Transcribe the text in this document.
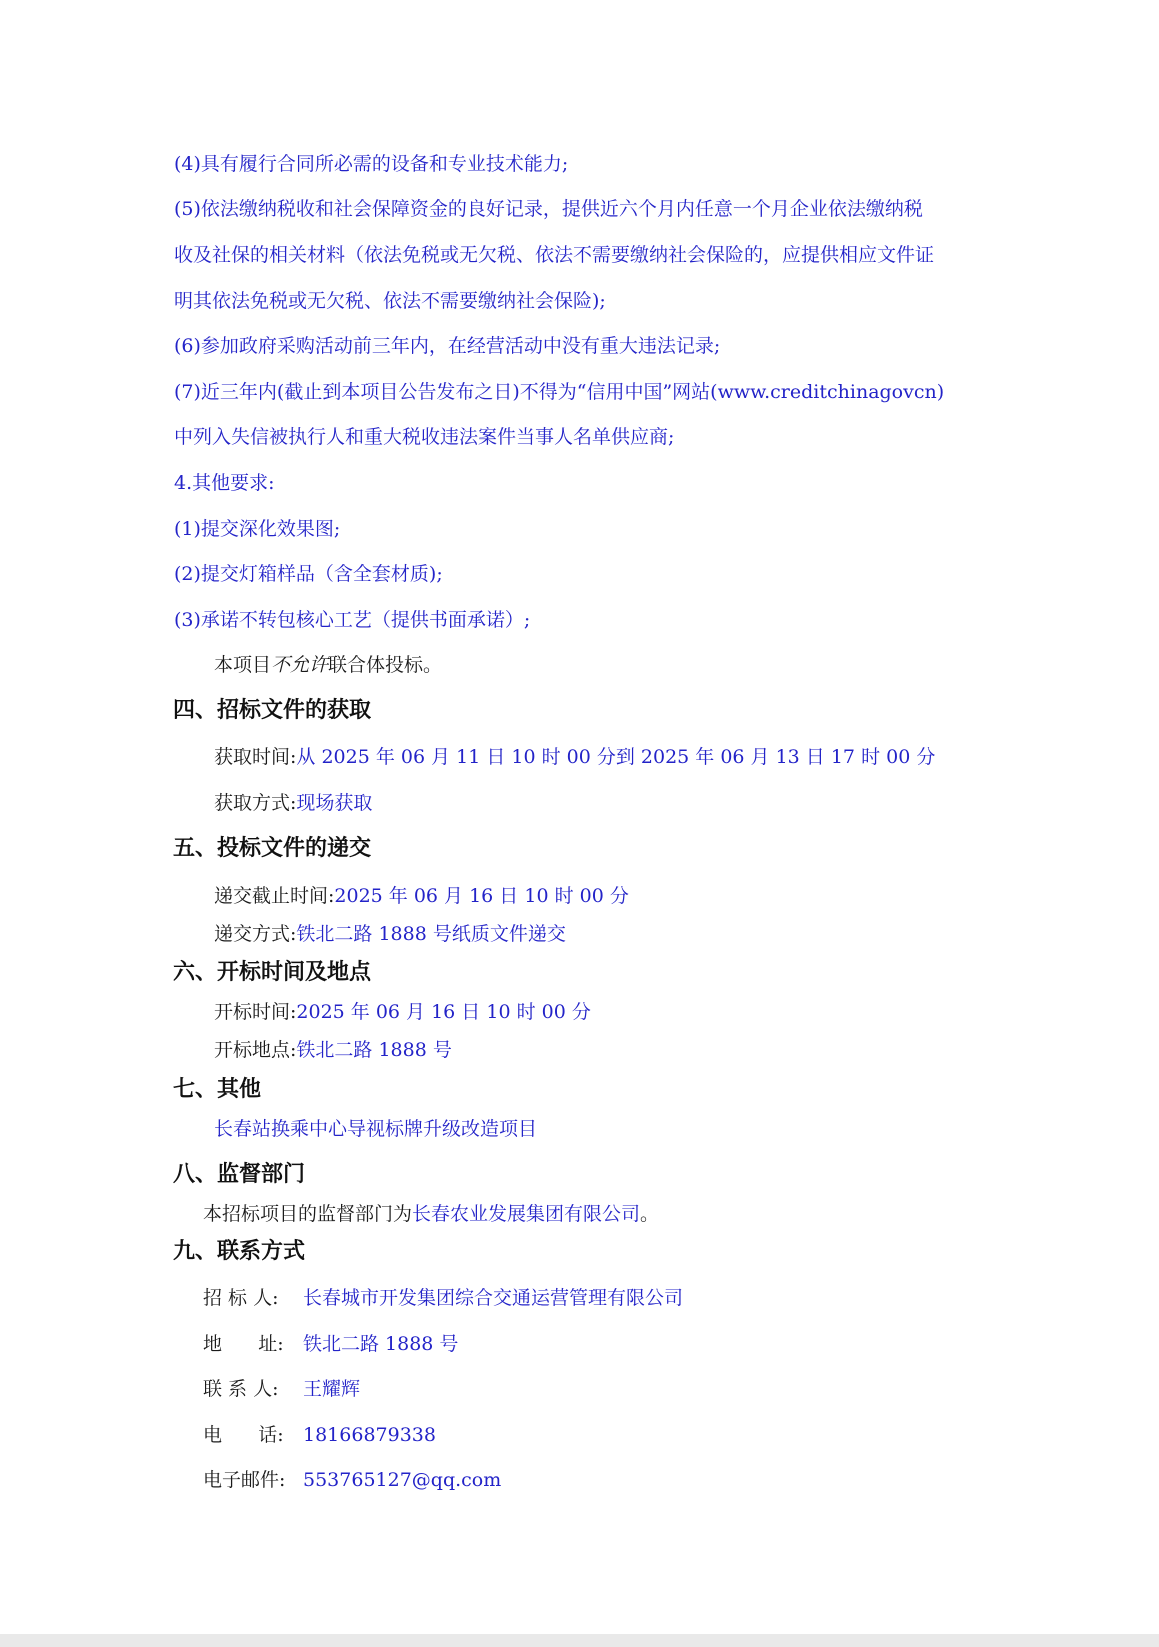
(4)具有履行合同所必需的设备和专业技术能力;
(5)依法缴纳税收和社会保障资金的良好记录，提供近六个月内任意一个月企业依法缴纳税
收及社保的相关材料（依法免税或无欠税、依法不需要缴纳社会保险的，应提供相应文件证
明其依法免税或无欠税、依法不需要缴纳社会保险);
(6)参加政府采购活动前三年内，在经营活动中没有重大违法记录;
(7)近三年内(截止到本项目公告发布之日)不得为“信用中国”网站(www.creditchinagovcn)
中列入失信被执行人和重大税收违法案件当事人名单供应商;
4.其他要求:
(1)提交深化效果图;
(2)提交灯箱样品（含全套材质);
(3)承诺不转包核心工艺（提供书面承诺）;
本项目不允许联合体投标。
四、招标文件的获取
获取时间:从 2025 年 06 月 11 日 10 时 00 分到 2025 年 06 月 13 日 17 时 00 分
获取方式:现场获取
五、投标文件的递交
递交截止时间:2025 年 06 月 16 日 10 时 00 分
递交方式:铁北二路 1888 号纸质文件递交
六、开标时间及地点
开标时间:2025 年 06 月 16 日 10 时 00 分
开标地点:铁北二路 1888 号
七、其他
长春站换乘中心导视标牌升级改造项目
八、监督部门
本招标项目的监督部门为长春农业发展集团有限公司。
九、联系方式
招 标 人: 长春城市开发集团综合交通运营管理有限公司
地      址: 铁北二路 1888 号
联 系 人: 王耀辉
电      话: 18166879338
电子邮件: 553765127@qq.com
